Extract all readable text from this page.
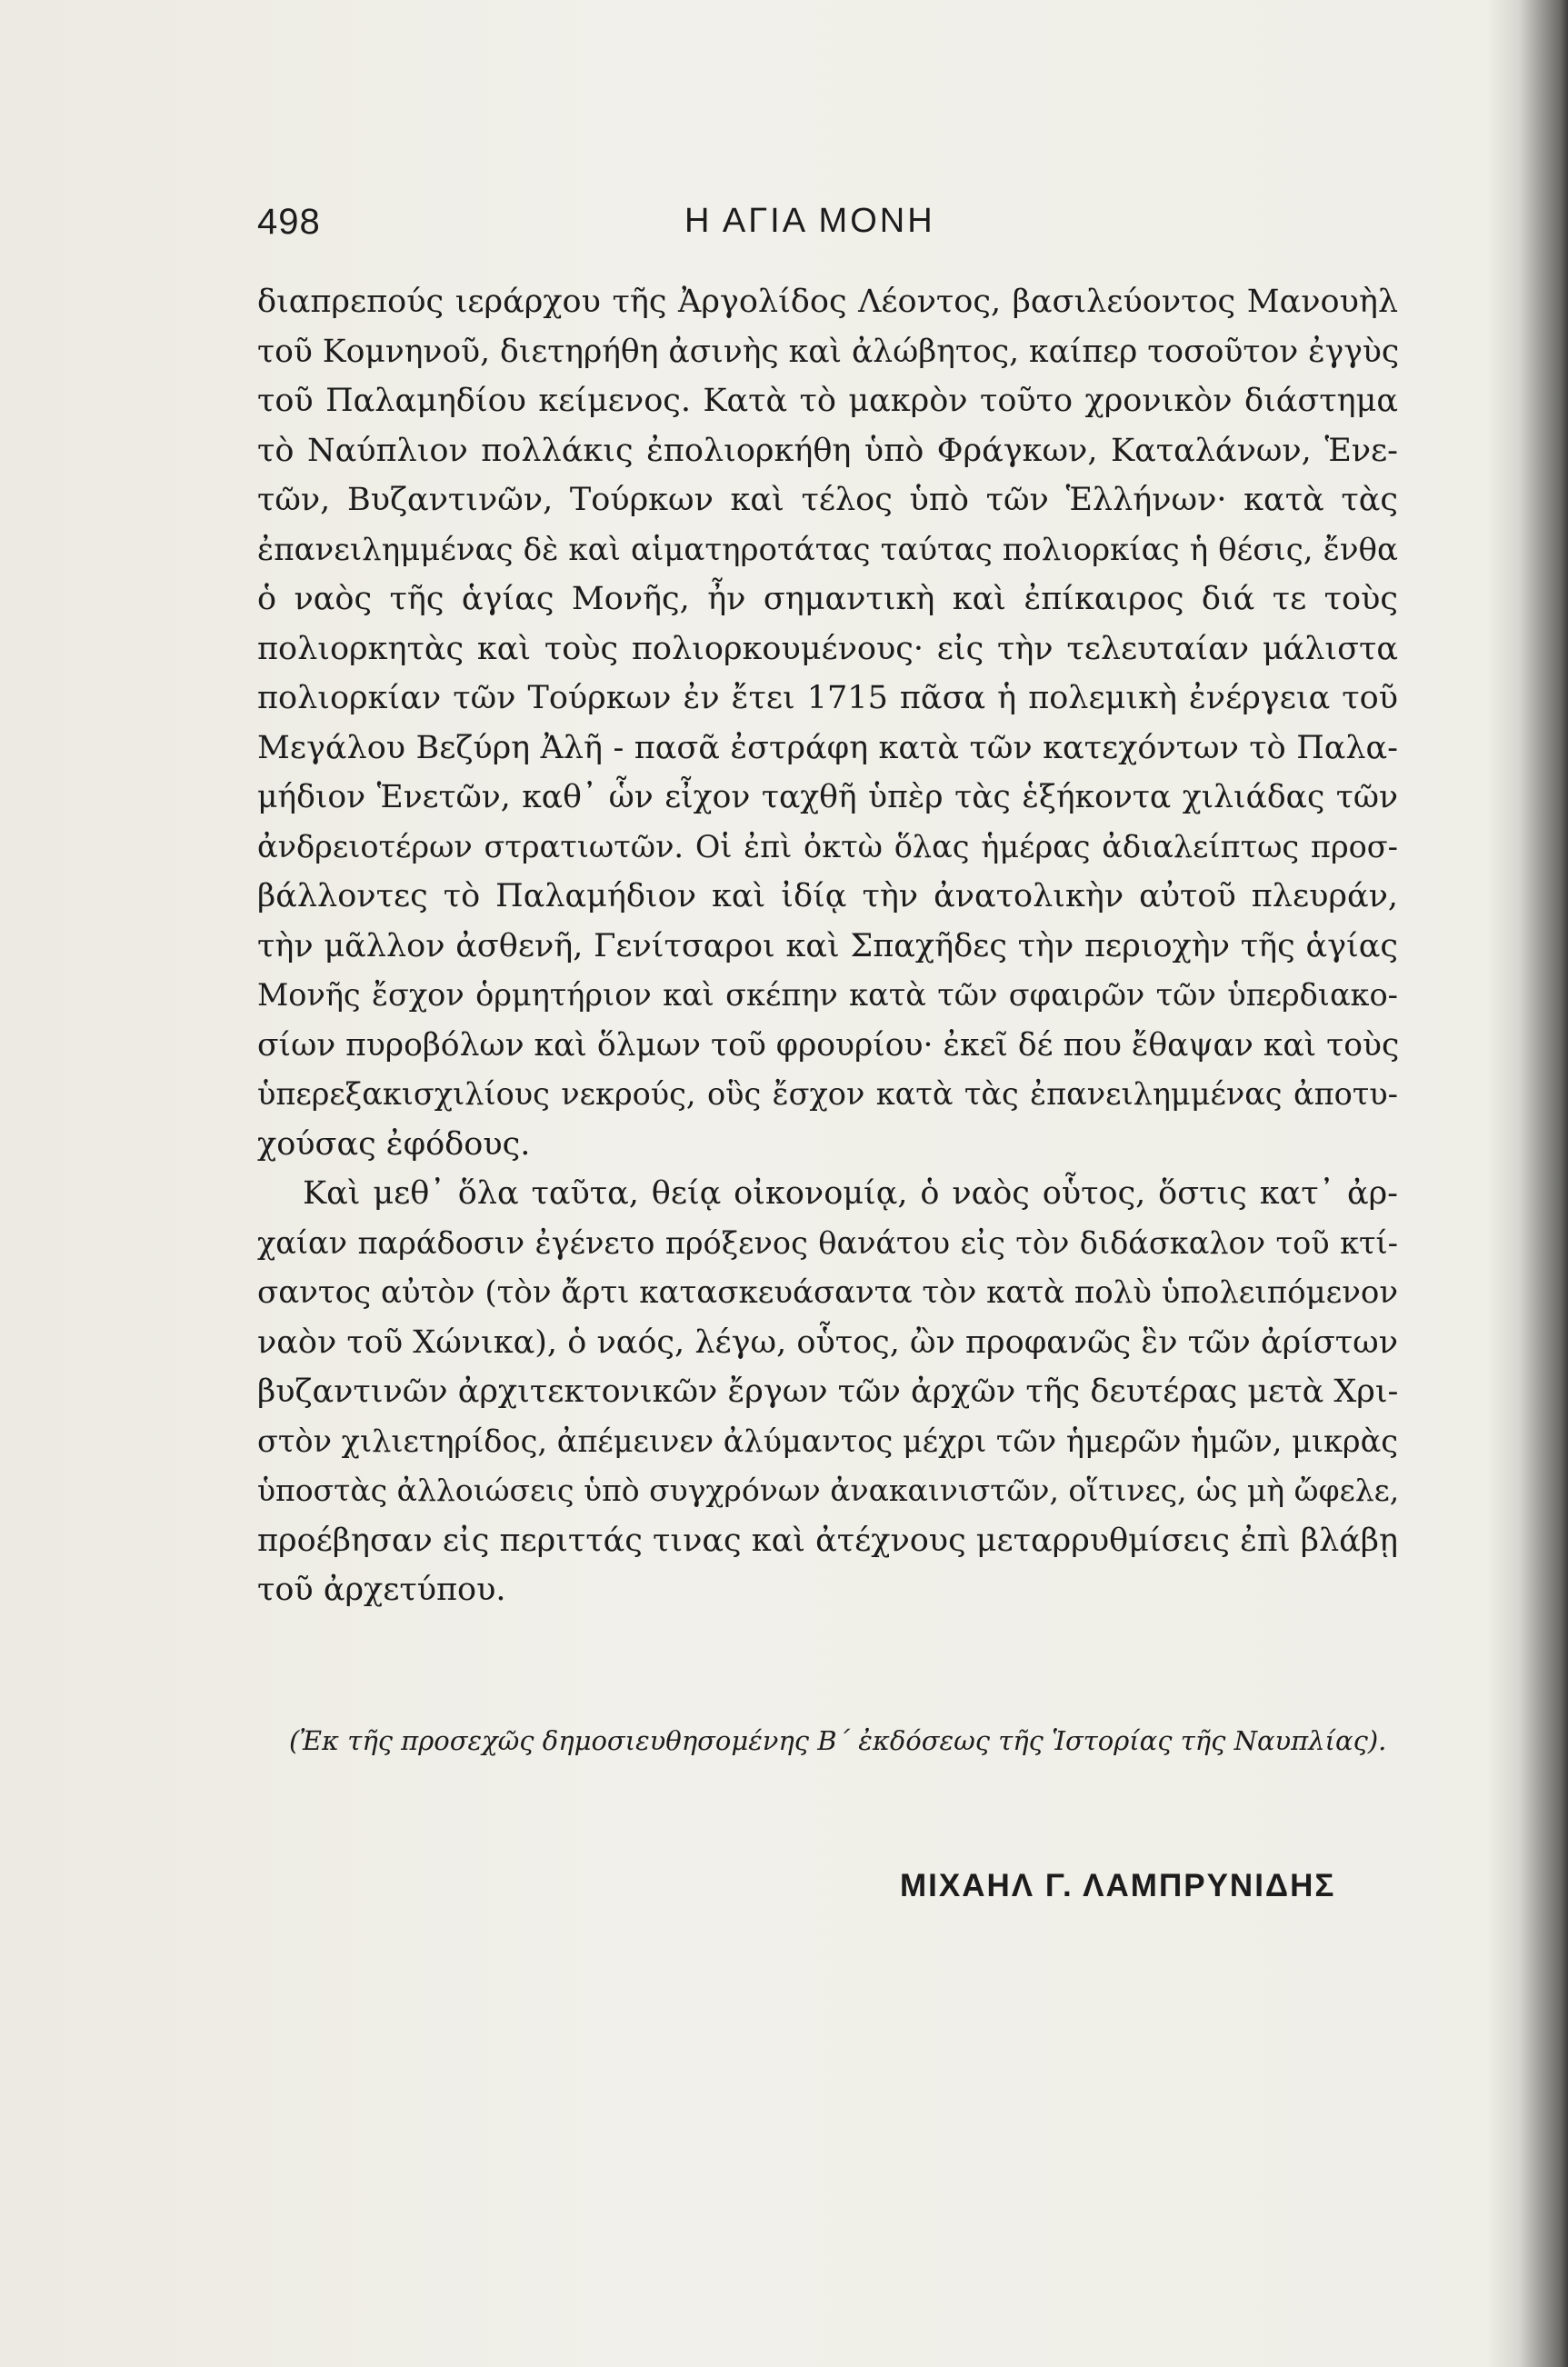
498	Η ΑΓΙΑ ΜΟΝΗ
διαπρεπούς ιεράρχου τῆς Ἀργολίδος Λέοντος, βασιλεύοντος Μανουὴλ
τοῦ Κομνηνοῦ, διετηρήθη ἀσινὴς καὶ ἀλώβητος, καίπερ τοσοῦτον ἐγγὺς
τοῦ Παλαμηδίου κείμενος. Κατὰ τὸ μακρὸν τοῦτο χρονικὸν διάστημα
τὸ Ναύπλιον πολλάκις ἐπολιορκήθη ὑπὸ Φράγκων, Καταλάνων, Ἑνε-
τῶν, Βυζαντινῶν, Τούρκων καὶ τέλος ὑπὸ τῶν Ἑλλήνων· κατὰ τὰς
ἐπανειλημμένας δὲ καὶ αἱματηροτάτας ταύτας πολιορκίας ἡ θέσις, ἔνθα
ὁ ναὸς τῆς ἁγίας Μονῆς, ἦν σημαντικὴ καὶ ἐπίκαιρος διά τε τοὺς
πολιορκητὰς καὶ τοὺς πολιορκουμένους· εἰς τὴν τελευταίαν μάλιστα
πολιορκίαν τῶν Τούρκων ἐν ἔτει 1715 πᾶσα ἡ πολεμικὴ ἐνέργεια τοῦ
Μεγάλου Βεζύρη Ἀλῆ - πασᾶ ἐστράφη κατὰ τῶν κατεχόντων τὸ Παλα-
μήδιον Ἑνετῶν, καθ᾽ ὧν εἶχον ταχθῆ ὑπὲρ τὰς ἑξήκοντα χιλιάδας τῶν
ἀνδρειοτέρων στρατιωτῶν. Οἱ ἐπὶ ὀκτὼ ὅλας ἡμέρας ἀδιαλείπτως προσ-
βάλλοντες τὸ Παλαμήδιον καὶ ἰδίᾳ τὴν ἀνατολικὴν αὐτοῦ πλευράν,
τὴν μᾶλλον ἀσθενῆ, Γενίτσαροι καὶ Σπαχῆδες τὴν περιοχὴν τῆς ἁγίας
Μονῆς ἔσχον ὁρμητήριον καὶ σκέπην κατὰ τῶν σφαιρῶν τῶν ὑπερδιακο-
σίων πυροβόλων καὶ ὅλμων τοῦ φρουρίου· ἐκεῖ δέ που ἔθαψαν καὶ τοὺς
ὑπερεξακισχιλίους νεκρούς, οὓς ἔσχον κατὰ τὰς ἐπανειλημμένας ἀποτυ-
χούσας ἐφόδους.
Καὶ μεθ᾽ ὅλα ταῦτα, θείᾳ οἰκονομίᾳ, ὁ ναὸς οὗτος, ὅστις κατ᾽ ἀρ-
χαίαν παράδοσιν ἐγένετο πρόξενος θανάτου εἰς τὸν διδάσκαλον τοῦ κτί-
σαντος αὐτὸν (τὸν ἄρτι κατασκευάσαντα τὸν κατὰ πολὺ ὑπολειπόμενον
ναὸν τοῦ Χώνικα), ὁ ναός, λέγω, οὗτος, ὢν προφανῶς ἓν τῶν ἀρίστων
βυζαντινῶν ἀρχιτεκτονικῶν ἔργων τῶν ἀρχῶν τῆς δευτέρας μετὰ Χρι-
στὸν χιλιετηρίδος, ἀπέμεινεν ἀλύμαντος μέχρι τῶν ἡμερῶν ἡμῶν, μικρὰς
ὑποστὰς ἀλλοιώσεις ὑπὸ συγχρόνων ἀνακαινιστῶν, οἵτινες, ὡς μὴ ὤφελε,
προέβησαν εἰς περιττάς τινας καὶ ἀτέχνους μεταρρυθμίσεις ἐπὶ βλάβῃ
τοῦ ἀρχετύπου.
(Ἐκ τῆς προσεχῶς δημοσιευθησομένης Β´ ἐκδόσεως τῆς Ἱστορίας τῆς Ναυπλίας).
ΜΙΧΑΗΛ Γ. ΛΑΜΠΡΥΝΙΔΗΣ
